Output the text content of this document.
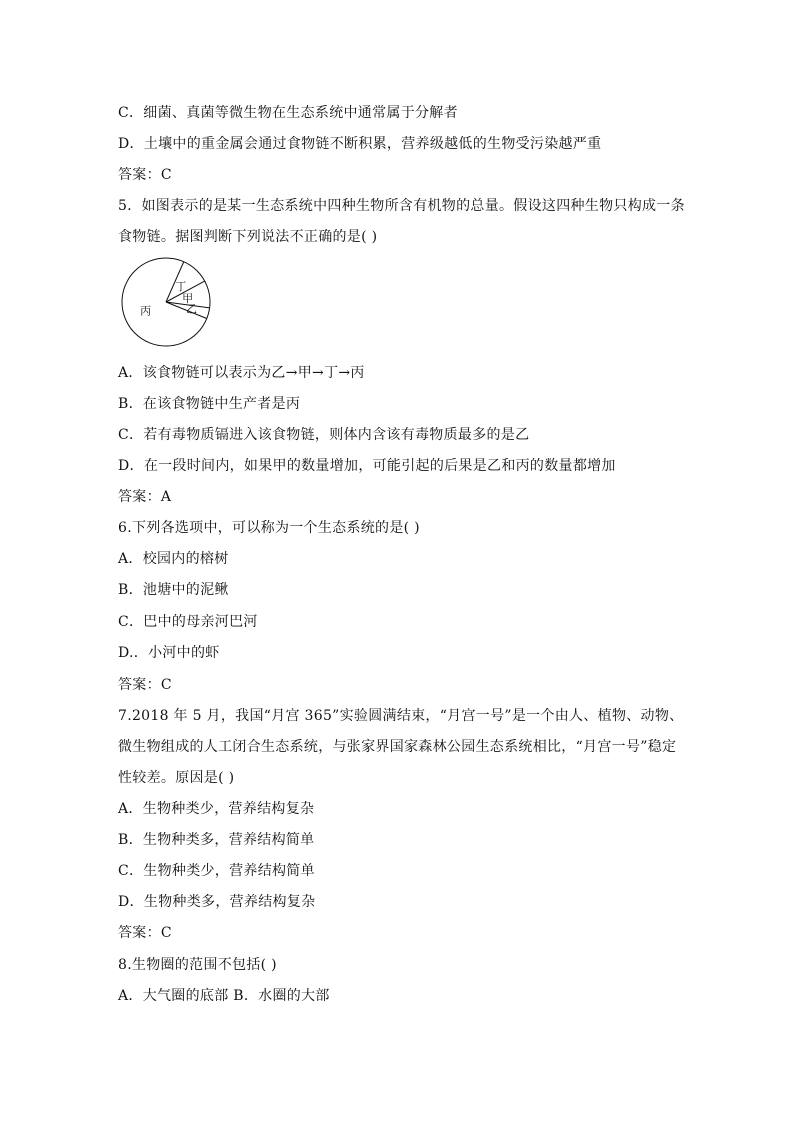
C．细菌、真菌等微生物在生态系统中通常属于分解者
D．土壤中的重金属会通过食物链不断积累，营养级越低的生物受污染越严重
答案：C
5．如图表示的是某一生态系统中四种生物所含有机物的总量。假设这四种生物只构成一条
食物链。据图判断下列说法不正确的是( )
丙
丁
甲
乙
A．该食物链可以表示为乙→甲→丁→丙
B．在该食物链中生产者是丙
C．若有毒物质镉进入该食物链，则体内含该有毒物质最多的是乙
D．在一段时间内，如果甲的数量增加，可能引起的后果是乙和丙的数量都增加
答案：A
6.下列各选项中，可以称为一个生态系统的是( )
A．校园内的榕树
B．池塘中的泥鳅
C．巴中的母亲河巴河
D.．小河中的虾
答案：C
7.2018 年 5 月，我国“月宫 365”实验圆满结束，“月宫一号”是一个由人、植物、动物、
微生物组成的人工闭合生态系统，与张家界国家森林公园生态系统相比，“月宫一号”稳定
性较差。原因是( )
A．生物种类少，营养结构复杂
B．生物种类多，营养结构简单
C．生物种类少，营养结构简单
D．生物种类多，营养结构复杂
答案：C
8.生物圈的范围不包括( )
A．大气圈的底部 B．水圈的大部
